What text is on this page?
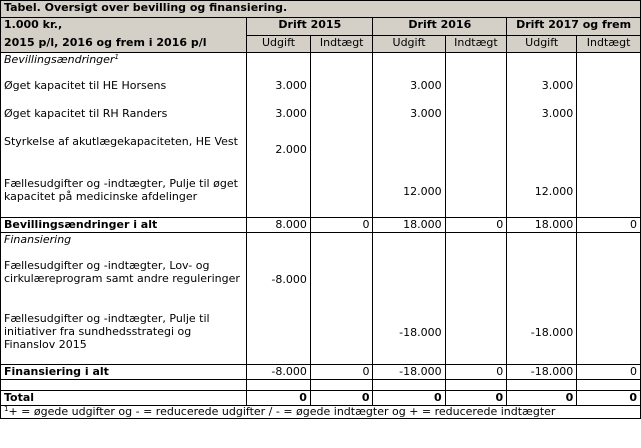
Tabel. Oversigt over bevilling og finansiering.						
1.000 kr.,	Drift 2015		Drift 2016		Drift 2017 og frem	
2015 p/l, 2016 og frem i 2016 p/l	Udgift	Indtægt	Udgift	Indtægt	Udgift	Indtægt
Bevillingsændringer$^1$						

Øget kapacitet til HE Horsens	3.000		3.000		3.000	

Øget kapacitet til RH Randers	3.000		3.000		3.000	

Styrkelse af akutlægekapaciteten, HE Vest	2.000					

Fællesudgifter og -indtægter, Pulje til øget kapacitet på medicinske afdelinger			12.000		12.000	

Bevillingsændringer i alt	8.000	0	18.000	0	18.000	0
Finansiering						

Fællesudgifter og -indtægter, Lov- og cirkulæreprogram samt andre reguleringer	-8.000					

Fællesudgifter og -indtægter, Pulje til initiativer fra sundhedsstrategi og Finanslov 2015			-18.000		-18.000	

Finansiering i alt	-8.000	0	-18.000	0	-18.000	0

Total	0	0	0	0	0	0
$^1$+ = øgede udgifter og - = reducerede udgifter / - = øgede indtægter og + = reducerede indtægter						
